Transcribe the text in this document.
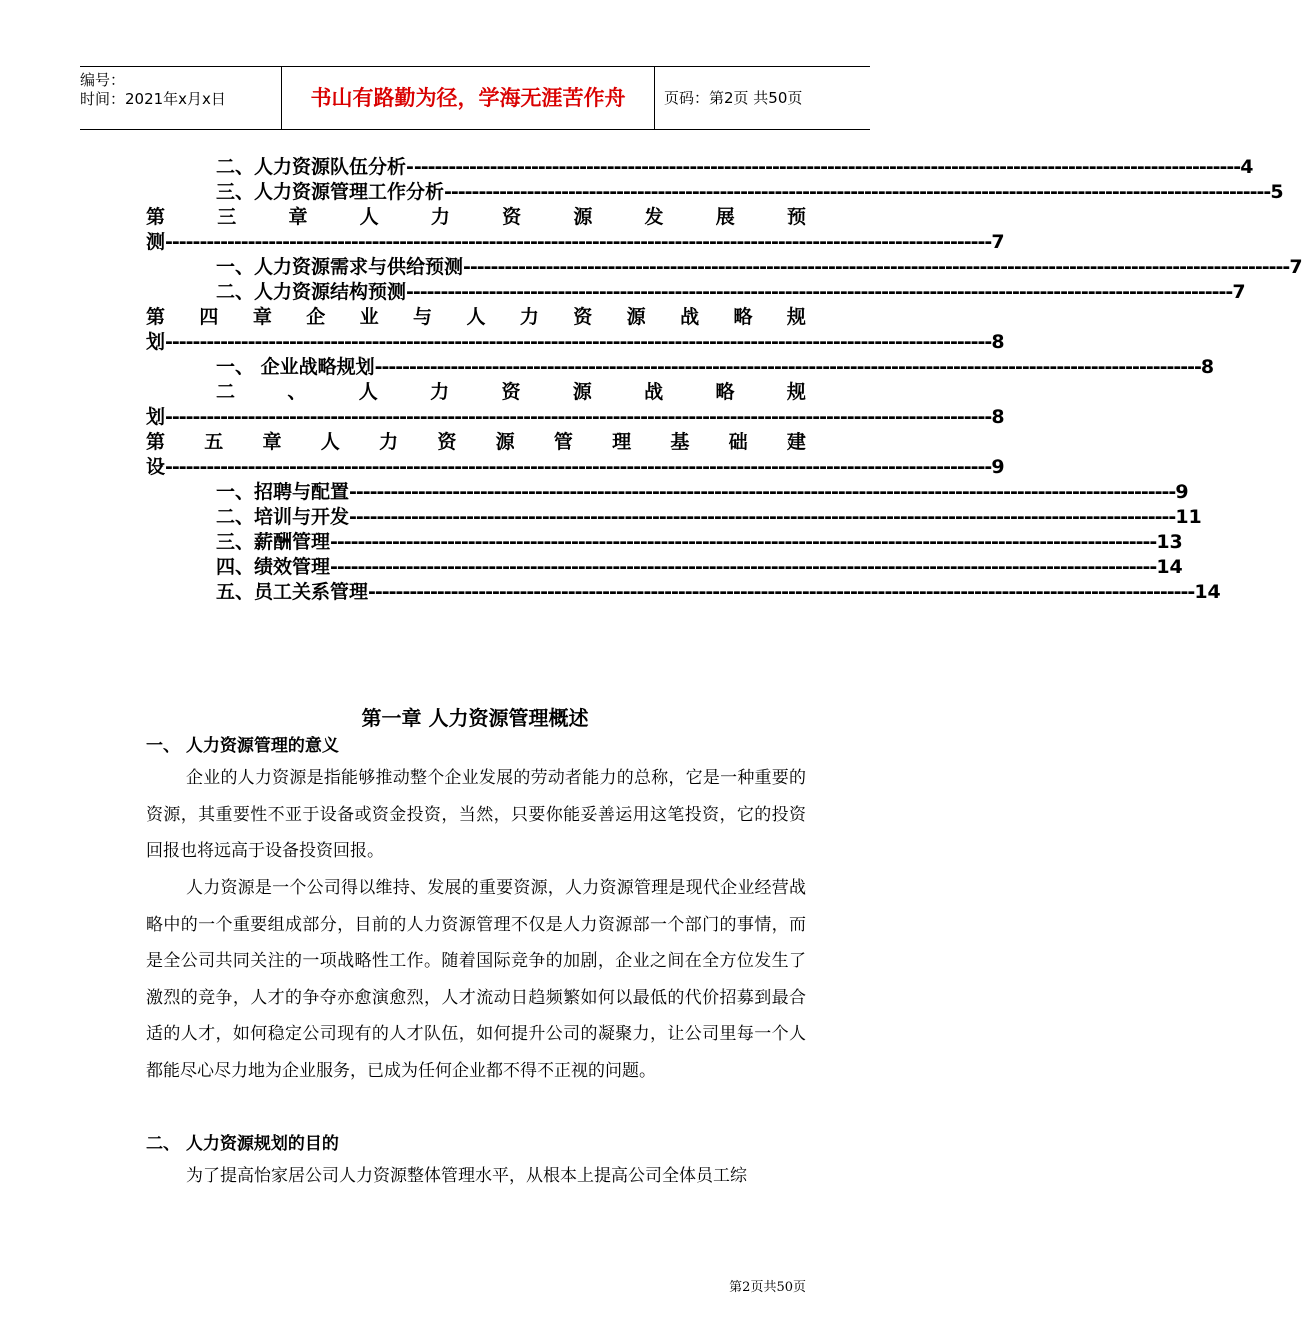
编号：
时间：2021年x月x日	书山有路勤为径，学海无涯苦作舟	页码：第2页 共50页
二、人力资源队伍分析- ------------------------------------------------------------------------------------------------------------------------ 4
三、人力资源管理工作分析 ------------------------------------------------------------------------------------------------------------------------ 5
第	三	章	人	力	资	源	发	展	预
测 ------------------------------------------------------------------------------------------------------------------------ 7
一、人力资源需求与供给预测 ------------------------------------------------------------------------------------------------------------------------ 7
二、人力资源结构预测 ------------------------------------------------------------------------------------------------------------------------ 7
第 四 章 企 业 与 人 力 资 源 战 略 规
划 ------------------------------------------------------------------------------------------------------------------------ 8
一、 企业战略规划 ------------------------------------------------------------------------------------------------------------------------ 8
二	、	人	力	资	源	战	略	规
划 ------------------------------------------------------------------------------------------------------------------------ 8
第 五 章 人 力 资 源 管 理 基 础 建
设 ------------------------------------------------------------------------------------------------------------------------ 9
一、招聘与配置 ------------------------------------------------------------------------------------------------------------------------ 9
二、培训与开发 ------------------------------------------------------------------------------------------------------------------------ 11
三、薪酬管理 ------------------------------------------------------------------------------------------------------------------------ 13
四、绩效管理 ------------------------------------------------------------------------------------------------------------------------ 14
五、员工关系管理 ------------------------------------------------------------------------------------------------------------------------ 14
第一章 人力资源管理概述
一、 人力资源管理的意义
企业的人力资源是指能够推动整个企业发展的劳动者能力的总称，它是一种重要的资源，其重要性不亚于设备或资金投资，当然，只要你能妥善运用这笔投资，它的投资回报也将远高于设备投资回报。
人力资源是一个公司得以维持、发展的重要资源，人力资源管理是现代企业经营战略中的一个重要组成部分，目前的人力资源管理不仅是人力资源部一个部门的事情，而是全公司共同关注的一项战略性工作。随着国际竞争的加剧，企业之间在全方位发生了激烈的竞争，人才的争夺亦愈演愈烈，人才流动日趋频繁如何以最低的代价招募到最合适的人才，如何稳定公司现有的人才队伍，如何提升公司的凝聚力，让公司里每一个人都能尽心尽力地为企业服务，已成为任何企业都不得不正视的问题。
二、 人力资源规划的目的
为了提高怡家居公司人力资源整体管理水平，从根本上提高公司全体员工综
第2页共50页
